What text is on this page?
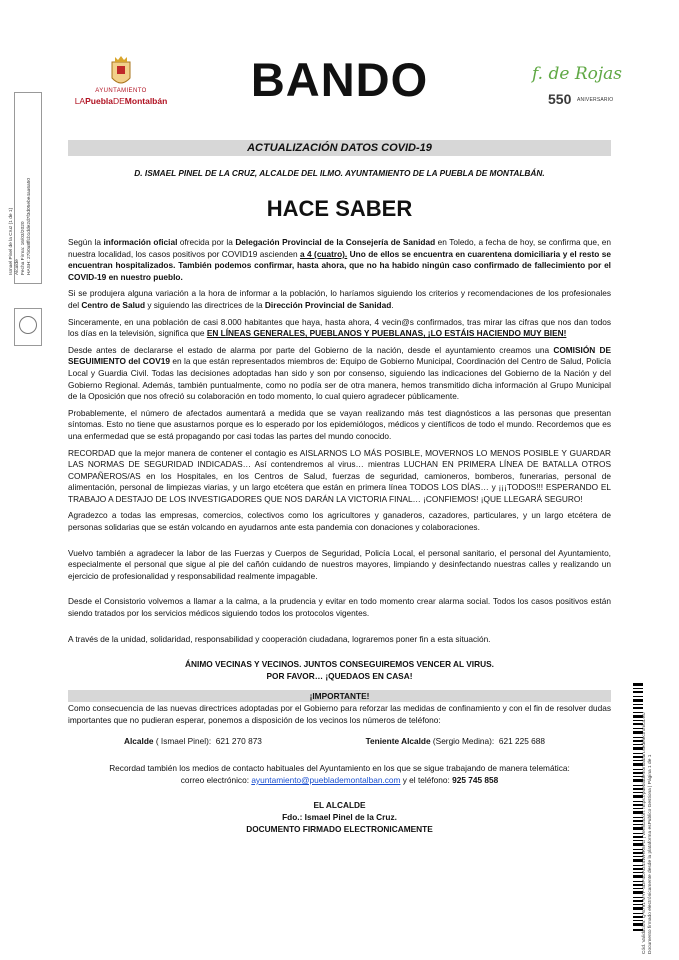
Ismael Pinel de la Cruz (1 de 1) Alcalde Fecha Firma: 16/03/2020 HASH: 27b0a8ffcb1dde2d7f3d05ebe4aa6a50
AYUNTAMIENTO
LAPueblaDEMontalbán	BANDO	f. de Rojas
550 ANIVERSARIO
ACTUALIZACIÓN DATOS COVID-19
D. ISMAEL PINEL DE LA CRUZ, ALCALDE DEL ILMO. AYUNTAMIENTO DE LA PUEBLA DE MONTALBÁN.
HACE SABER

Según la información oficial ofrecida por la Delegación Provincial de la Consejería de Sanidad en Toledo, a fecha de hoy, se confirma que, en nuestra localidad, los casos positivos por COVID19 ascienden a 4 (cuatro). Uno de ellos se encuentra en cuarentena domiciliaria y el resto se encuentran hospitalizados. También podemos confirmar, hasta ahora, que no ha habido ningún caso confirmado de fallecimiento por el COVID-19 en nuestro pueblo.

Si se produjera alguna variación a la hora de informar a la población, lo haríamos siguiendo los criterios y recomendaciones de los profesionales del Centro de Salud y siguiendo las directrices de la Dirección Provincial de Sanidad.

Sinceramente, en una población de casi 8.000 habitantes que haya, hasta ahora, 4 vecin@s confirmados, tras mirar las cifras que nos dan todos los días en la televisión, significa que EN LÍNEAS GENERALES, PUEBLANOS Y PUEBLANAS, ¡LO ESTÁIS HACIENDO MUY BIEN!

Desde antes de declararse el estado de alarma por parte del Gobierno de la nación, desde el ayuntamiento creamos una COMISIÓN DE SEGUIMIENTO del COV19 en la que están representados miembros de: Equipo de Gobierno Municipal, Coordinación del Centro de Salud, Policía Local y Guardia Civil. Todas las decisiones adoptadas han sido y son por consenso, siguiendo las indicaciones del Gobierno de la Nación y del Gobierno Regional. Además, también puntualmente, como no podía ser de otra manera, hemos transmitido dicha información al Grupo Municipal de la Oposición que nos ofreció su colaboración en todo momento, lo cual quiero agradecer públicamente.

Probablemente, el número de afectados aumentará a medida que se vayan realizando más test diagnósticos a las personas que presentan síntomas. Esto no tiene que asustarnos porque es lo esperado por los epidemiólogos, médicos y científicos de todo el mundo. Recordemos que es una enfermedad que se está propagando por casi todas las partes del mundo conocido.

RECORDAD que la mejor manera de contener el contagio es AISLARNOS LO MÁS POSIBLE, MOVERNOS LO MENOS POSIBLE Y GUARDAR LAS NORMAS DE SEGURIDAD INDICADAS… Así contendremos al virus… mientras LUCHAN EN PRIMERA LÍNEA DE BATALLA OTROS COMPAÑEROS/AS en los Hospitales, en los Centros de Salud, fuerzas de seguridad, camioneros, bomberos, funerarias, personal de alimentación, personal de limpiezas viarias, y un largo etcétera que están en primera línea TODOS LOS DÍAS… y ¡¡¡TODOS!!! ESPERANDO EL TRABAJO A DESTAJO DE LOS INVESTIGADORES QUE NOS DARÁN LA VICTORIA FINAL… ¡CONFIEMOS! ¡QUE LLEGARÁ SEGURO!

Agradezco a todas las empresas, comercios, colectivos como los agricultores y ganaderos, cazadores, particulares, y un largo etcétera de personas solidarias que se están volcando en ayudarnos ante esta pandemia con donaciones y colaboraciones.

Vuelvo también a agradecer la labor de las Fuerzas y Cuerpos de Seguridad, Policía Local, el personal sanitario, el personal del Ayuntamiento, especialmente el personal que sigue al pie del cañón cuidando de nuestros mayores, limpiando y desinfectando nuestras calles y realizando un ejercicio de profesionalidad y responsabilidad realmente impagable.

Desde el Consistorio volvemos a llamar a la calma, a la prudencia y evitar en todo momento crear alarma social. Todos los casos positivos están siendo tratados por los servicios médicos siguiendo todos los protocolos vigentes.

A través de la unidad, solidaridad, responsabilidad y cooperación ciudadana, lograremos poner fin a esta situación.

ÁNIMO VECINAS Y VECINOS. JUNTOS CONSEGUIREMOS VENCER AL VIRUS.

POR FAVOR… ¡QUEDAOS EN CASA!

¡IMPORTANTE!

Como consecuencia de las nuevas directrices adoptadas por el Gobierno para reforzar las medidas de confinamiento y con el fin de resolver dudas importantes que no pudieran esperar, ponemos a disposición de los vecinos los números de teléfono:

Alcalde ( Ismael Pinel): 621 270 873	Teniente Alcalde (Sergio Medina): 621 225 688

Recordad también los medios de contacto habituales del Ayuntamiento en los que se sigue trabajando de manera telemática:

correo electrónico: ayuntamiento@pueblademontalban.com y el teléfono: 925 745 858

EL ALCALDE

Fdo.: Ismael Pinel de la Cruz.

DOCUMENTO FIRMADO ELECTRONICAMENTE	Cód. Validación: Q-6791-MYF-4DP4DAG4SWHR5FG | Verificación: https://pueblademontalban.sedelectronica.es/ Documento firmado electrónicamente desde la plataforma esPublico Gestiona | Página 1 de 1
